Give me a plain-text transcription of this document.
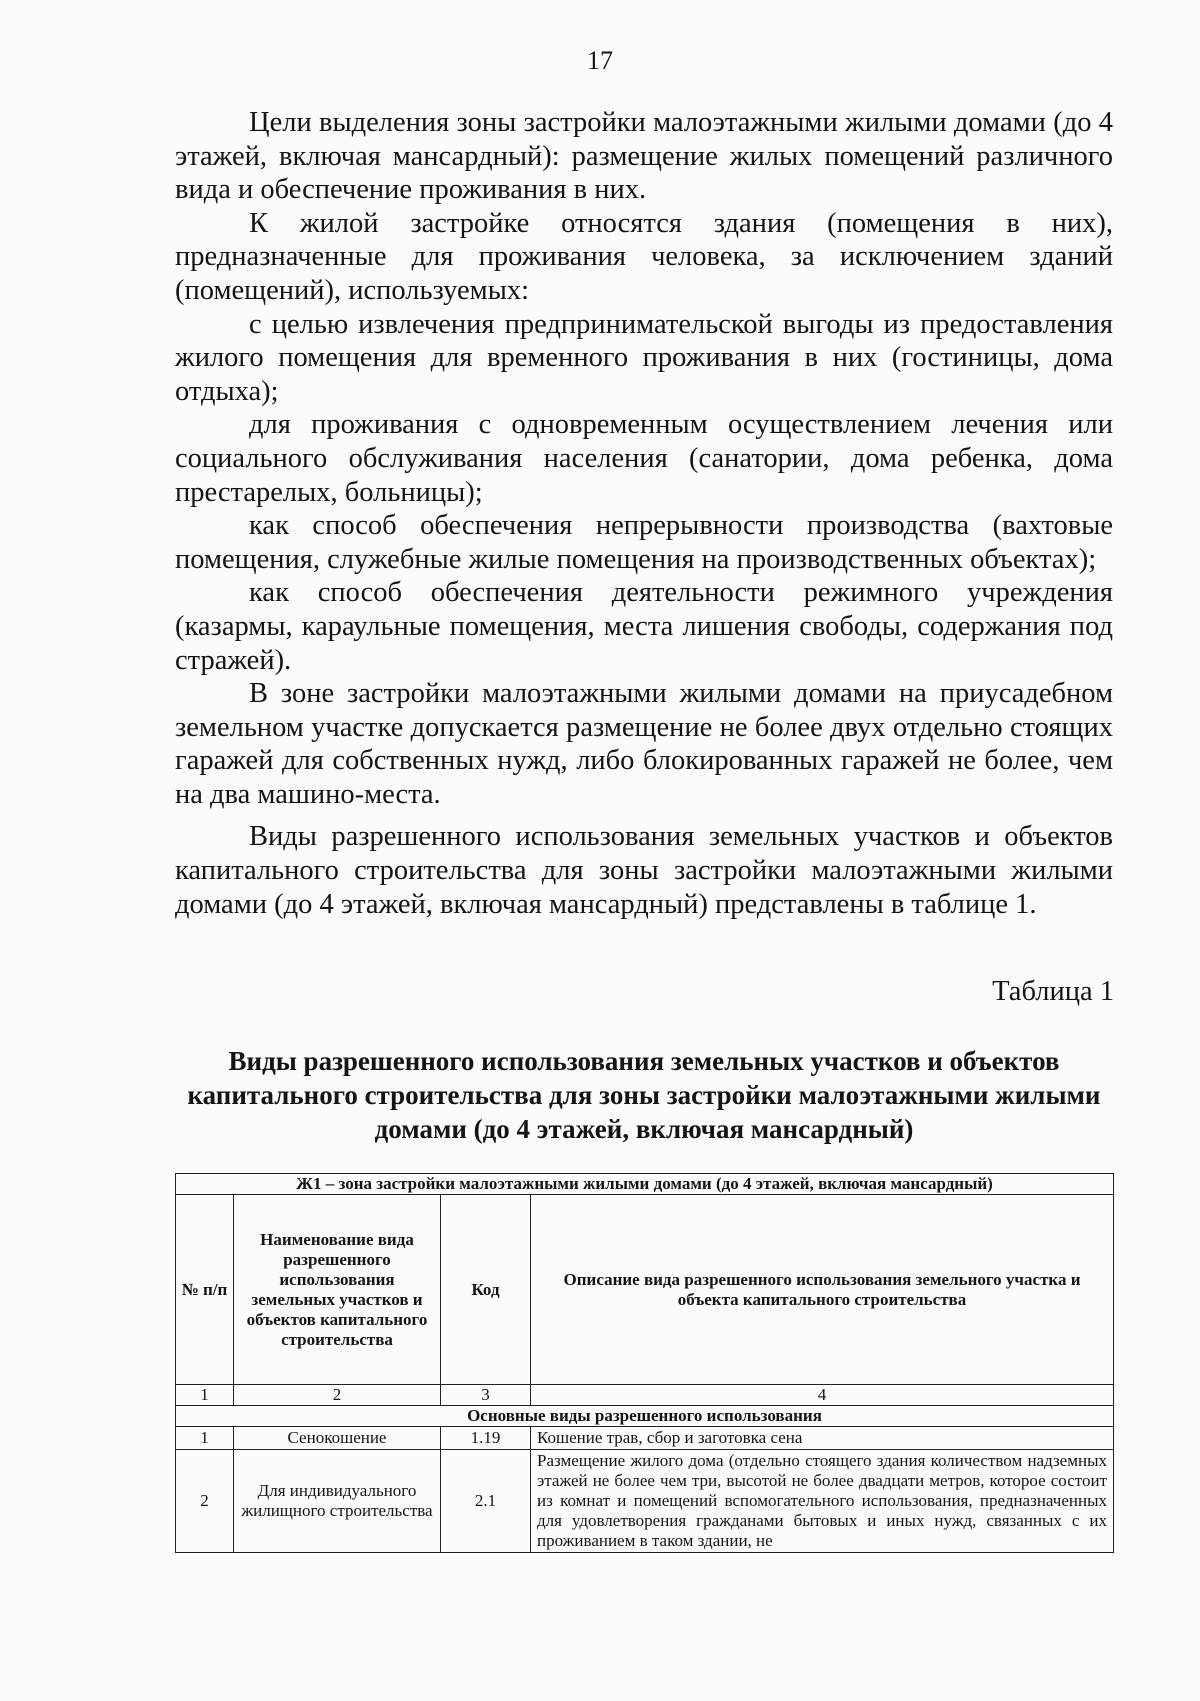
17

Цели выделения зоны застройки малоэтажными жилыми домами (до 4 этажей, включая мансардный): размещение жилых помещений различного вида и обеспечение проживания в них.

К жилой застройке относятся здания (помещения в них), предназначенные для проживания человека, за исключением зданий (помещений), используемых:

с целью извлечения предпринимательской выгоды из предоставления жилого помещения для временного проживания в них (гостиницы, дома отдыха);

для проживания с одновременным осуществлением лечения или социального обслуживания населения (санатории, дома ребенка, дома престарелых, больницы);

как способ обеспечения непрерывности производства (вахтовые помещения, служебные жилые помещения на производственных объектах);

как способ обеспечения деятельности режимного учреждения (казармы, караульные помещения, места лишения свободы, содержания под стражей).

В зоне застройки малоэтажными жилыми домами на приусадебном земельном участке допускается размещение не более двух отдельно стоящих гаражей для собственных нужд, либо блокированных гаражей не более, чем на два машино-места.

Виды разрешенного использования земельных участков и объектов капитального строительства для зоны застройки малоэтажными жилыми домами (до 4 этажей, включая мансардный) представлены в таблице 1.

Таблица 1
Виды разрешенного использования земельных участков и объектов капитального строительства для зоны застройки малоэтажными жилыми домами (до 4 этажей, включая мансардный)
Ж1 – зона застройки малоэтажными жилыми домами (до 4 этажей, включая мансардный)			
№ п/п	Наименование вида разрешенного использования земельных участков и объектов капитального строительства	Код	Описание вида разрешенного использования земельного участка и объекта капитального строительства
1	2	3	4
Основные виды разрешенного использования			
1	Сенокошение	1.19	Кошение трав, сбор и заготовка сена
2	Для индивидуального жилищного строительства	2.1	Размещение жилого дома (отдельно стоящего здания количеством надземных этажей не более чем три, высотой не более двадцати метров, которое состоит из комнат и помещений вспомогательного использования, предназначенных для удовлетворения гражданами бытовых и иных нужд, связанных с их проживанием в таком здании, не
